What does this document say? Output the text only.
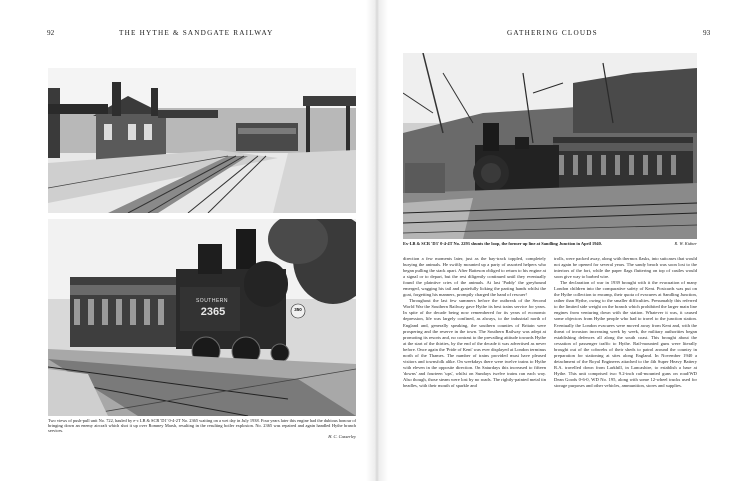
92	THE HYTHE & SANDGATE RAILWAY
SOUTHERN
2365	350
Two views of push-pull unit No. 722, hauled by e-c LB & SCR 'D1' 0-4-2T No. 2365 waiting on a wet day in July 1938. Four years later this engine had the dubious honour of bringing down an enemy aircraft which shot it up over Romney Marsh, resulting in the resulting boiler explosion. No. 2365 was repaired and again handled Hythe branch services.
H. C. Casserley
GATHERING CLOUDS	93
Ex-LB & SCR 'D3' 0-4-4T No. 2293 shunts the loop, the former up line at Sandling Junction in April 1940.	R. W. Kidner

direction a few moments later, just as the bay-track toppled, completely burying the animals. He swiftly mounted up a party of assorted helpers who began pulling the stack apart. After Batteson obliged to return to his engine at a signal or to depart, but the rest diligently continued until they eventually found the plaintive cries of the animals. At last 'Paddy' the greyhound emerged, wagging his tail and gratefully licking the parting hands whilst the goat, forgetting his manners, promptly charged the hand of rescuer!

Throughout the last few summers before the outbreak of the Second World War the Southern Railway gave Hythe its best trains service for years. In spite of the decade being now remembered for its years of economic depression, life was largely confined, as always, to the industrial north of England and, generally speaking, the southern counties of Britain were prospering and the reserve in the town. The Southern Railway was adept at promoting its resorts and, no contrast to the prevailing attitude towards Hythe at the start of the thirties, by the end of the decade it was advertised as never before. Once again the 'Pride of Kent' was ever displayed at London terminus north of the Thames. The number of trains provided must have pleased visitors and townsfolk alike. On weekdays there were twelve trains to Hythe with eleven in the opposite direction. On Saturdays this increased to fifteen 'downs' and fourteen 'ups', whilst on Sundays twelve trains ran each way. Also though, those steam were lost by no roads. The rightly-painted metal tin beadles, with their mouth of sparkle and

trolls, were packed away, along with thermos flasks, into suitcases that would not again be opened for several years. The sandy beach was soon lost to the interiors of the fort, while the paper flags fluttering on top of castles would soon give way to barbed wire.

The declaration of war in 1939 brought with it the evacuation of many London children into the comparative safety of Kent. Postcards was put on the Hythe collection to encamp, their quota of evacuees at Sandling Junction, rather than Hythe, owing to the smaller difficulties. Presumably this referred to the limited side weight on the branch which prohibited the larger main line engines from venturing down with the station. Whatever it was, it caused some objectors from Hythe people who had to travel to the junction station. Eventually the London evacuees were moved away from Kent and, with the threat of invasion increasing week by week, the military authorities began establishing defences all along the south coast. This brought about the cessation of passenger traffic to Hythe. Rail-mounted guns were literally brought out of the cobwebs of their sheds to patrol around the country in preparation for stationing at sites along England. In November 1940 a detachment of the Royal Engineers attached to the 4th Super Heavy Battery R.A. travelled down from Larkhill, in Lancashire, to establish a base at Hythe. This unit comprised two 9.2-inch rail-mounted guns on road/WD Dean Goods 0-6-0, WD No. 195, along with some 12-wheel trucks used for storage purposes and other vehicles, ammunition, stores and supplies.
